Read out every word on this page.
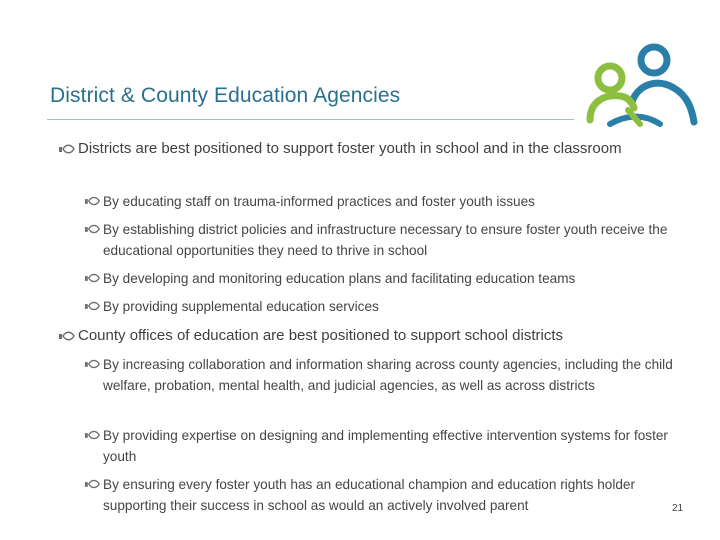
District & County Education Agencies
Districts are best positioned to support foster youth in school and in the classroom
By educating staff on trauma-informed practices and foster youth issues
By establishing district policies and infrastructure necessary to ensure foster youth receive the educational opportunities they need to thrive in school
By developing and monitoring education plans and facilitating education teams
By providing supplemental education services
County offices of education are best positioned to support school districts
By increasing collaboration and information sharing across county agencies, including the child welfare, probation, mental health, and judicial agencies, as well as across districts
By providing expertise on designing and implementing effective intervention systems for foster youth
By ensuring every foster youth has an educational champion and education rights holder supporting their success in school as would an actively involved parent	21
